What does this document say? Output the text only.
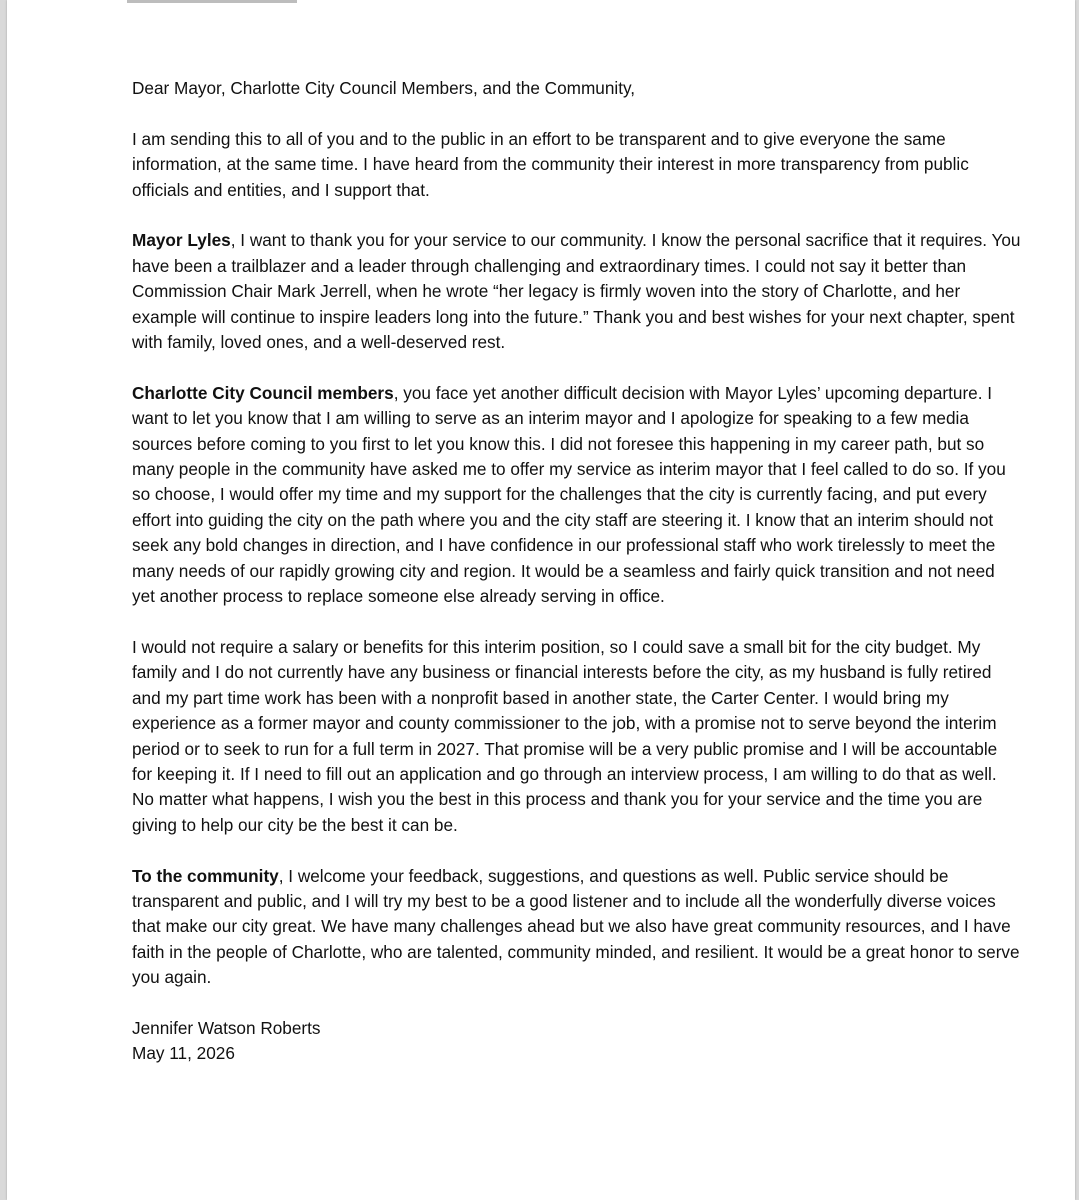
Dear Mayor, Charlotte City Council Members, and the Community,

I am sending this to all of you and to the public in an effort to be transparent and to give everyone the same information, at the same time. I have heard from the community their interest in more transparency from public officials and entities, and I support that.

Mayor Lyles, I want to thank you for your service to our community. I know the personal sacrifice that it requires. You have been a trailblazer and a leader through challenging and extraordinary times. I could not say it better than Commission Chair Mark Jerrell, when he wrote “her legacy is firmly woven into the story of Charlotte, and her example will continue to inspire leaders long into the future.” Thank you and best wishes for your next chapter, spent with family, loved ones, and a well-deserved rest.

Charlotte City Council members, you face yet another difficult decision with Mayor Lyles’ upcoming departure. I want to let you know that I am willing to serve as an interim mayor and I apologize for speaking to a few media sources before coming to you first to let you know this. I did not foresee this happening in my career path, but so many people in the community have asked me to offer my service as interim mayor that I feel called to do so. If you so choose, I would offer my time and my support for the challenges that the city is currently facing, and put every effort into guiding the city on the path where you and the city staff are steering it. I know that an interim should not seek any bold changes in direction, and I have confidence in our professional staff who work tirelessly to meet the many needs of our rapidly growing city and region. It would be a seamless and fairly quick transition and not need yet another process to replace someone else already serving in office.

I would not require a salary or benefits for this interim position, so I could save a small bit for the city budget. My family and I do not currently have any business or financial interests before the city, as my husband is fully retired and my part time work has been with a nonprofit based in another state, the Carter Center. I would bring my experience as a former mayor and county commissioner to the job, with a promise not to serve beyond the interim period or to seek to run for a full term in 2027. That promise will be a very public promise and I will be accountable for keeping it. If I need to fill out an application and go through an interview process, I am willing to do that as well. No matter what happens, I wish you the best in this process and thank you for your service and the time you are giving to help our city be the best it can be.

To the community, I welcome your feedback, suggestions, and questions as well. Public service should be transparent and public, and I will try my best to be a good listener and to include all the wonderfully diverse voices that make our city great. We have many challenges ahead but we also have great community resources, and I have faith in the people of Charlotte, who are talented, community minded, and resilient. It would be a great honor to serve you again.

Jennifer Watson Roberts

May 11, 2026
